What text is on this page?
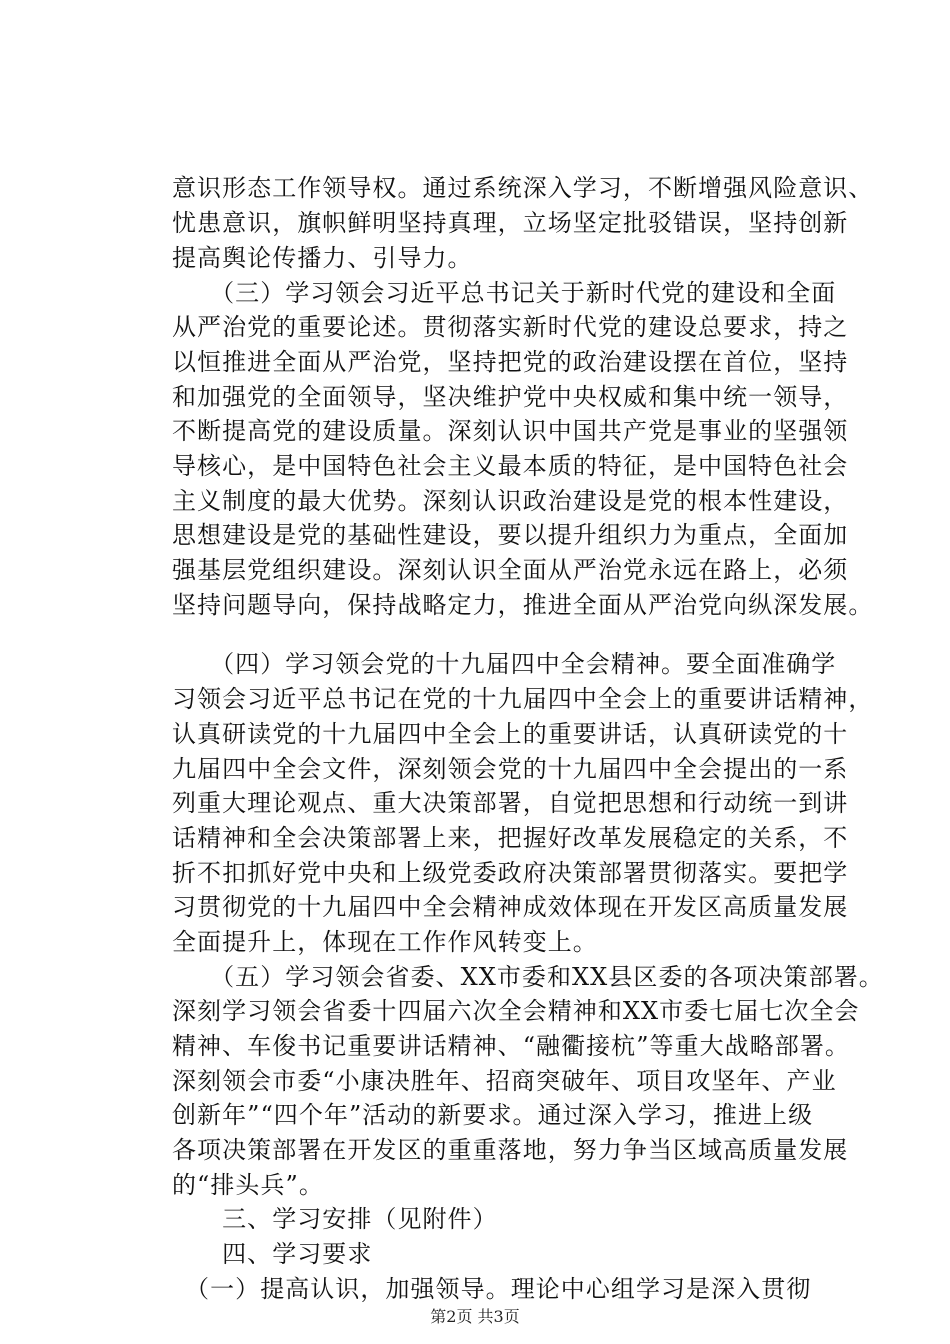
意识形态工作领导权。通过系统深入学习，不断增强风险意识、
忧患意识，旗帜鲜明坚持真理，立场坚定批驳错误，坚持创新
提高舆论传播力、引导力。
　　（三）学习领会习近平总书记关于新时代党的建设和全面
从严治党的重要论述。贯彻落实新时代党的建设总要求，持之
以恒推进全面从严治党，坚持把党的政治建设摆在首位，坚持
和加强党的全面领导，坚决维护党中央权威和集中统一领导，
不断提高党的建设质量。深刻认识中国共产党是事业的坚强领
导核心，是中国特色社会主义最本质的特征，是中国特色社会
主义制度的最大优势。深刻认识政治建设是党的根本性建设，
思想建设是党的基础性建设，要以提升组织力为重点，全面加
强基层党组织建设。深刻认识全面从严治党永远在路上，必须
坚持问题导向，保持战略定力，推进全面从严治党向纵深发展。
　　（四）学习领会党的十九届四中全会精神。要全面准确学
习领会习近平总书记在党的十九届四中全会上的重要讲话精神，
认真研读党的十九届四中全会上的重要讲话，认真研读党的十
九届四中全会文件，深刻领会党的十九届四中全会提出的一系
列重大理论观点、重大决策部署，自觉把思想和行动统一到讲
话精神和全会决策部署上来，把握好改革发展稳定的关系，不
折不扣抓好党中央和上级党委政府决策部署贯彻落实。要把学
习贯彻党的十九届四中全会精神成效体现在开发区高质量发展
全面提升上，体现在工作作风转变上。
　　（五）学习领会省委、XX市委和XX县区委的各项决策部署。
深刻学习领会省委十四届六次全会精神和XX市委七届七次全会
精神、车俊书记重要讲话精神、“融衢接杭”等重大战略部署。
深刻领会市委“小康决胜年、招商突破年、项目攻坚年、产业
创新年”“四个年”活动的新要求。通过深入学习，推进上级
各项决策部署在开发区的重重落地，努力争当区域高质量发展
的“排头兵”。
　　三、学习安排（见附件）
　　四、学习要求
　（一）提高认识，加强领导。理论中心组学习是深入贯彻
第2页 共3页
